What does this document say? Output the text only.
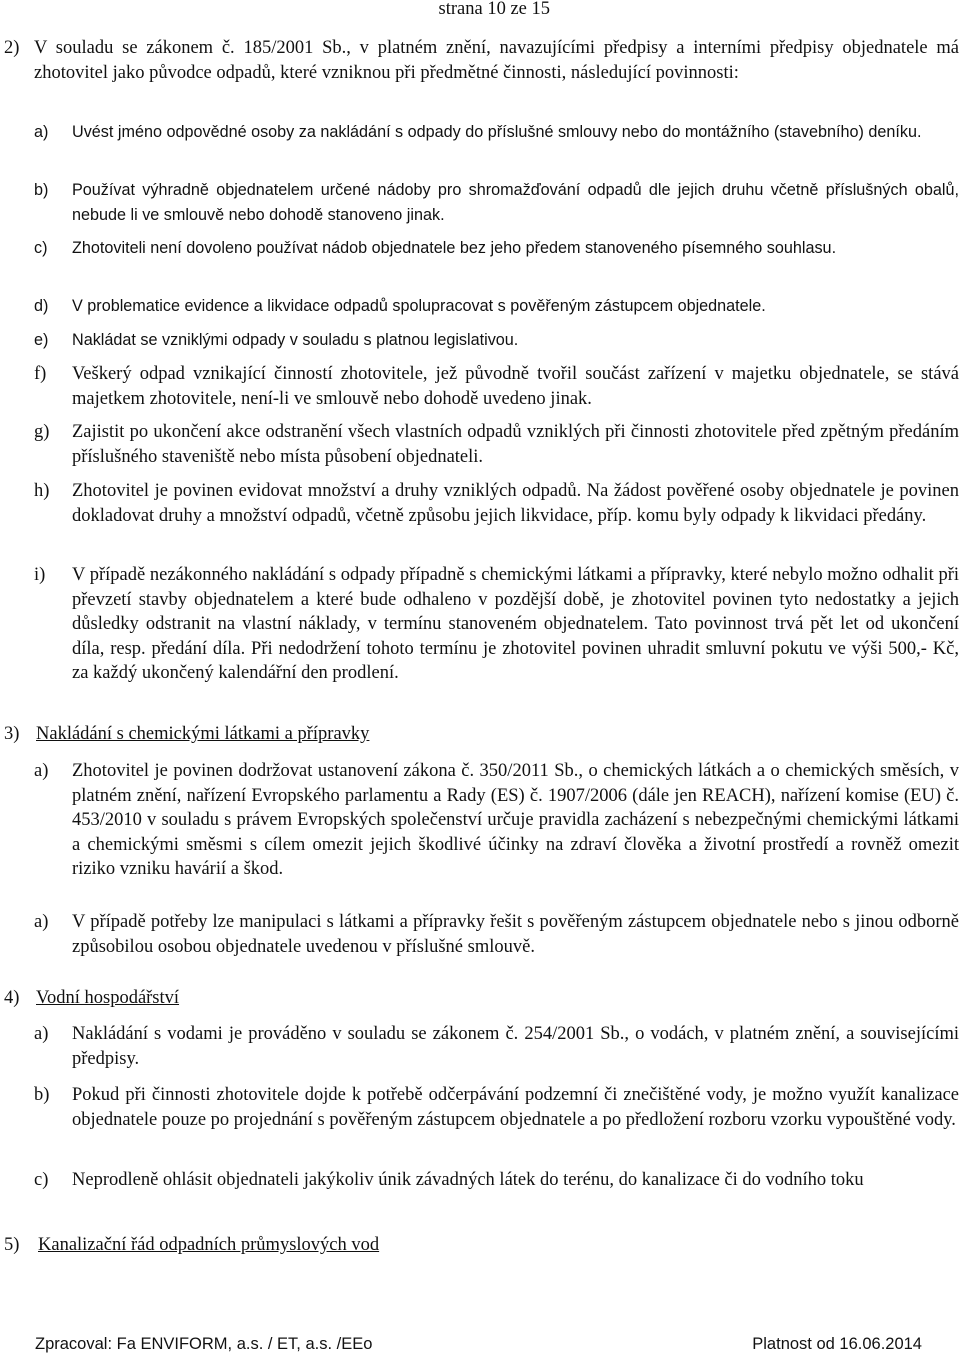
strana 10 ze 15
2) V souladu se zákonem č. 185/2001 Sb., v platném znění, navazujícími předpisy a interními předpisy objednatele má zhotovitel jako původce odpadů, které vzniknou při předmětné činnosti, následující povinnosti:
a) Uvést jméno odpovědné osoby za nakládání s odpady do příslušné smlouvy nebo do montážního (stavebního) deníku.
b) Používat výhradně objednatelem určené nádoby pro shromažďování odpadů dle jejich druhu včetně příslušných obalů, nebude li ve smlouvě nebo dohodě stanoveno jinak.
c) Zhotoviteli není dovoleno používat nádob objednatele bez jeho předem stanoveného písemného souhlasu.
d) V problematice evidence a likvidace odpadů spolupracovat s pověřeným zástupcem objednatele.
e) Nakládat se vzniklými odpady v souladu s platnou legislativou.
f) Veškerý odpad vznikající činností zhotovitele, jež původně tvořil součást zařízení v majetku objednatele, se stává majetkem zhotovitele, není-li ve smlouvě nebo dohodě uvedeno jinak.
g) Zajistit po ukončení akce odstranění všech vlastních odpadů vzniklých při činnosti zhotovitele před zpětným předáním příslušného staveniště nebo místa působení objednateli.
h) Zhotovitel je povinen evidovat množství a druhy vzniklých odpadů. Na žádost pověřené osoby objednatele je povinen dokladovat druhy a množství odpadů, včetně způsobu jejich likvidace, příp. komu byly odpady k likvidaci předány.
i) V případě nezákonného nakládání s odpady případně s chemickými látkami a přípravky, které nebylo možno odhalit při převzetí stavby objednatelem a které bude odhaleno v pozdější době, je zhotovitel povinen tyto nedostatky a jejich důsledky odstranit na vlastní náklady, v termínu stanoveném objednatelem. Tato povinnost trvá pět let od ukončení díla, resp. předání díla. Při nedodržení tohoto termínu je zhotovitel povinen uhradit smluvní pokutu ve výši 500,- Kč, za každý ukončený kalendářní den prodlení.
3) Nakládání s chemickými látkami a přípravky
a) Zhotovitel je povinen dodržovat ustanovení zákona č. 350/2011 Sb., o chemických látkách a o chemických směsích, v platném znění, nařízení Evropského parlamentu a Rady (ES) č. 1907/2006 (dále jen REACH), nařízení komise (EU) č. 453/2010 v souladu s právem Evropských společenství určuje pravidla zacházení s nebezpečnými chemickými látkami a chemickými směsmi s cílem omezit jejich škodlivé účinky na zdraví člověka a životní prostředí a rovněž omezit riziko vzniku havárií a škod.
a) V případě potřeby lze manipulaci s látkami a přípravky řešit s pověřeným zástupcem objednatele nebo s jinou odborně způsobilou osobou objednatele uvedenou v příslušné smlouvě.
4) Vodní hospodářství
a) Nakládání s vodami je prováděno v souladu se zákonem č. 254/2001 Sb., o vodách, v platném znění, a souvisejícími předpisy.
b) Pokud při činnosti zhotovitele dojde k potřebě odčerpávání podzemní či znečištěné vody, je možno využít kanalizace objednatele pouze po projednání s pověřeným zástupcem objednatele a po předložení rozboru vzorku vypouštěné vody.
c) Neprodleně ohlásit objednateli jakýkoliv únik závadných látek do terénu, do kanalizace či do vodního toku
5) Kanalizační řád odpadních průmyslových vod
Zpracoval: Fa ENVIFORM, a.s. / ET, a.s. /EEo	Platnost od 16.06.2014
